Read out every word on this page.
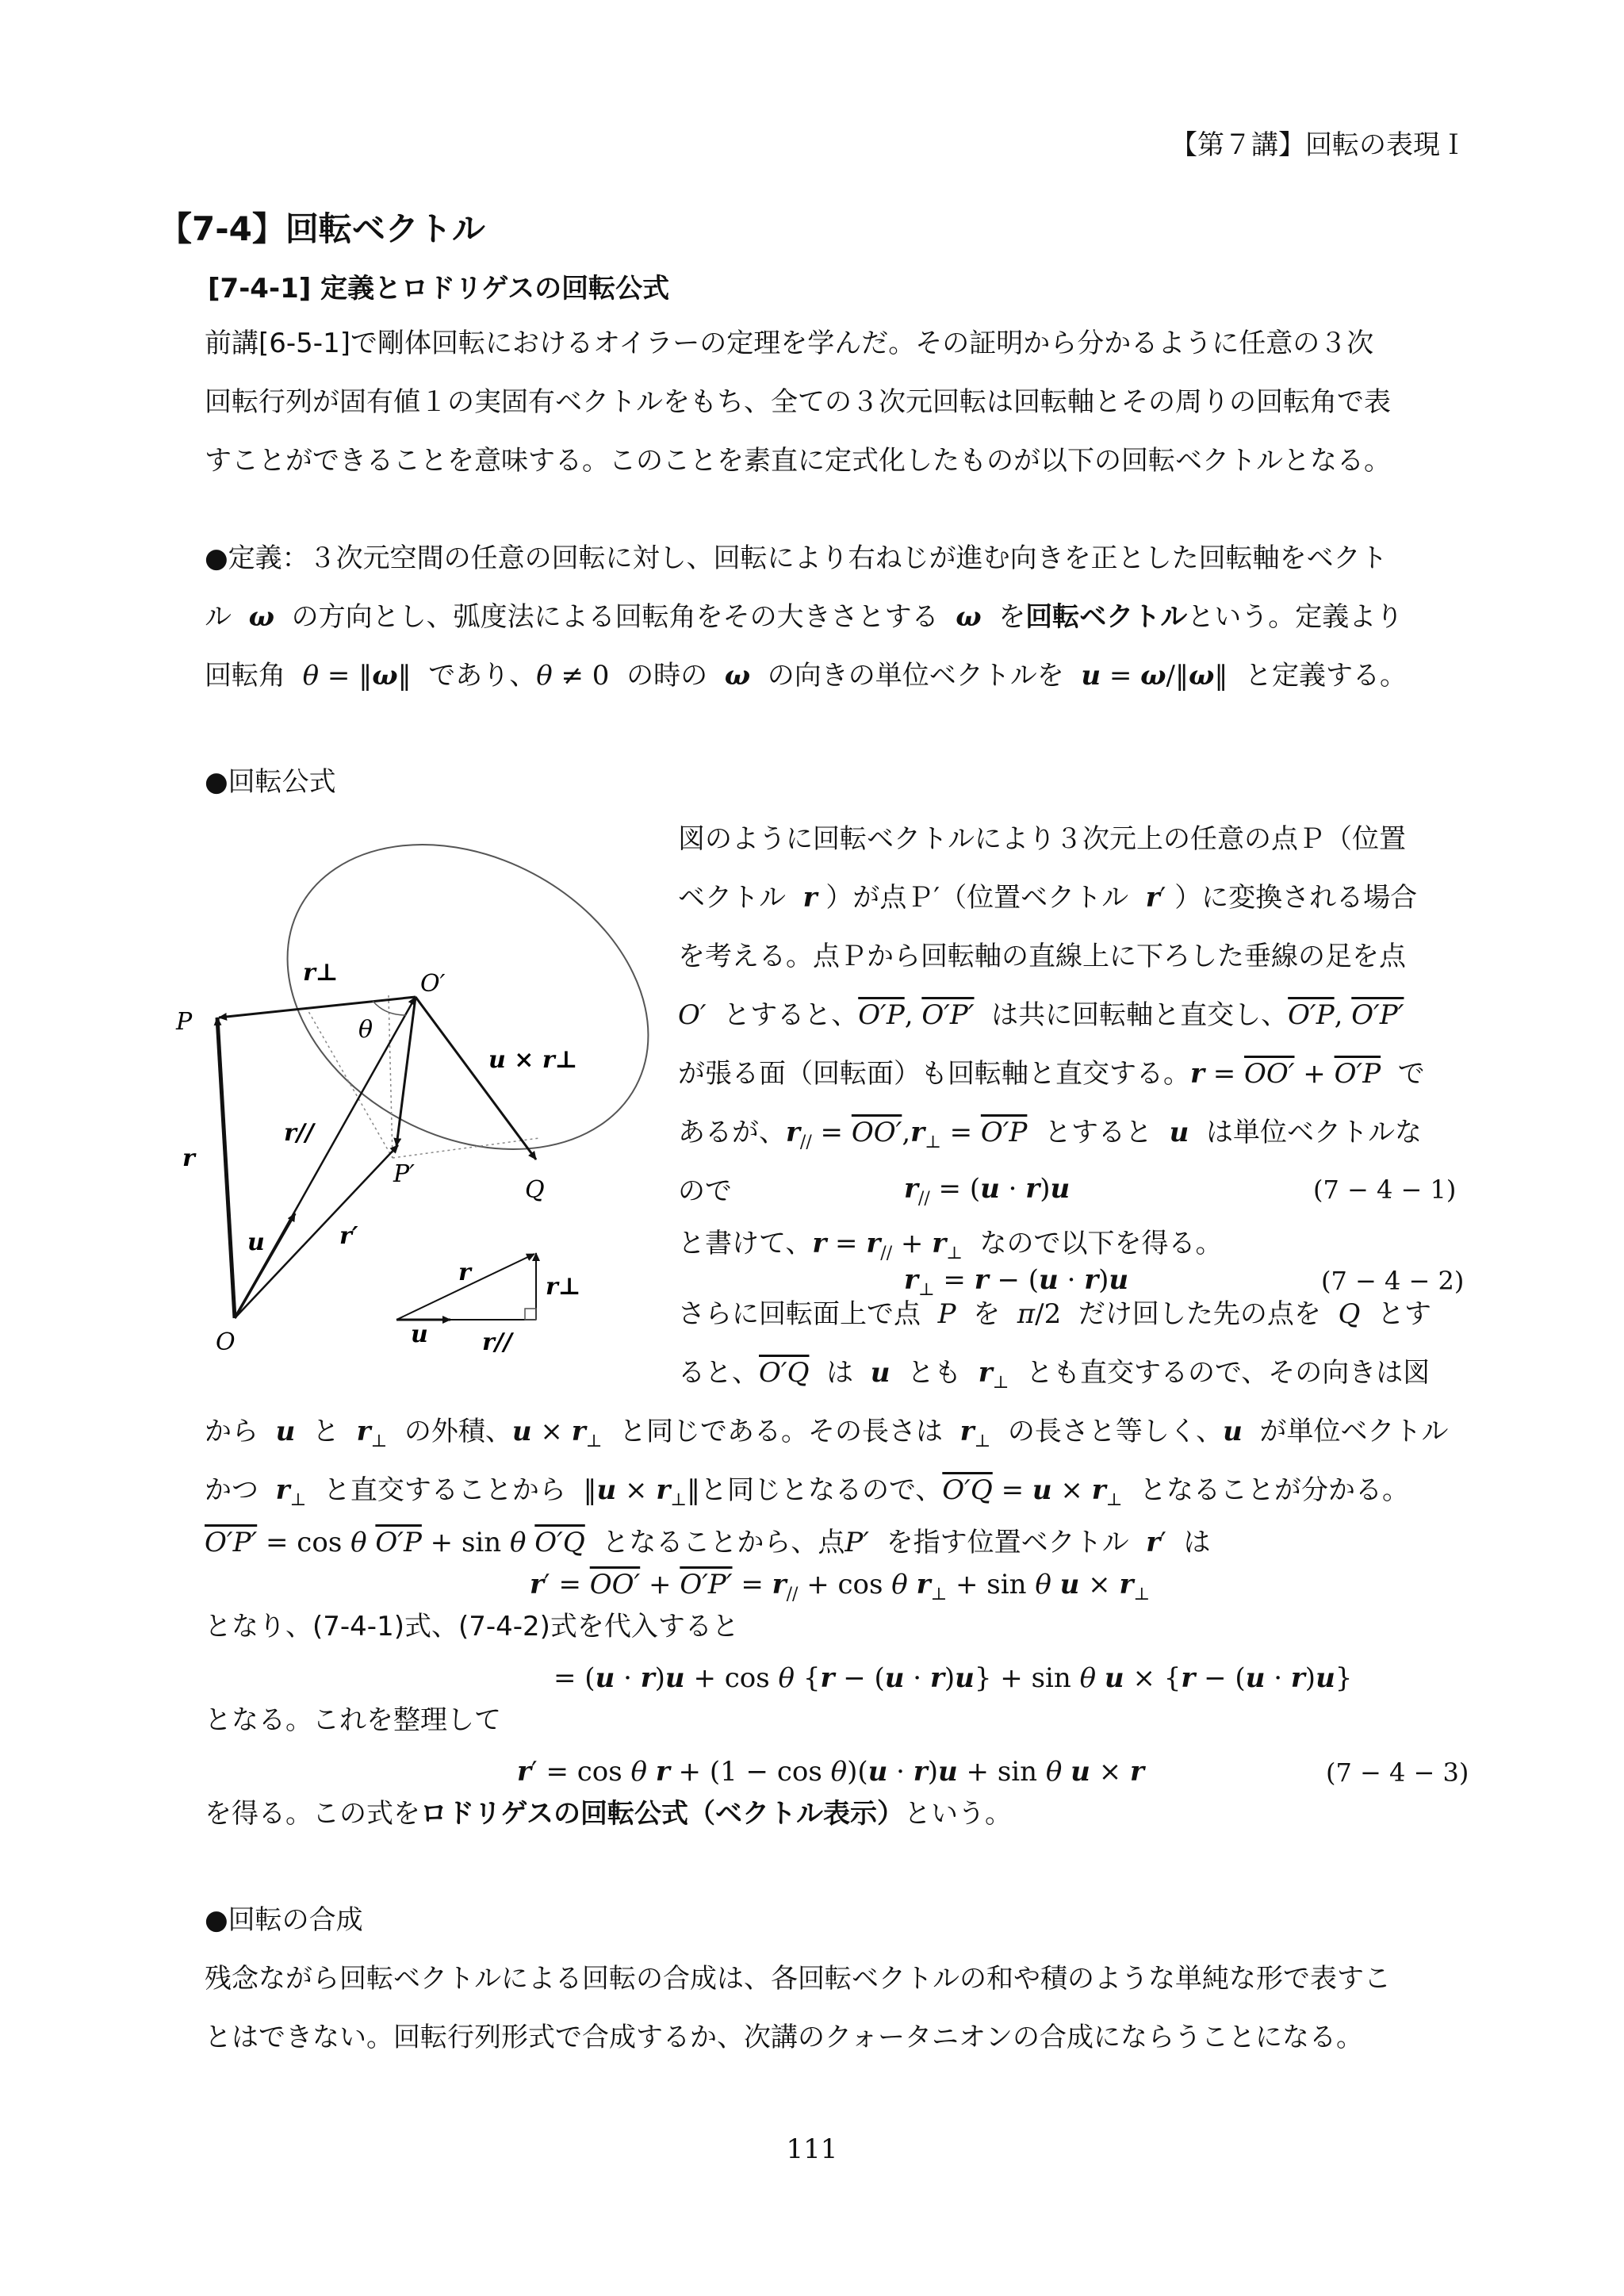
【第７講】回転の表現Ｉ
【7-4】回転ベクトル
[7-4-1] 定義とロドリゲスの回転公式
前講[6-5-1]で剛体回転におけるオイラーの定理を学んだ。その証明から分かるように任意の３次
回転行列が固有値１の実固有ベクトルをもち、全ての３次元回転は回転軸とその周りの回転角で表
すことができることを意味する。このことを素直に定式化したものが以下の回転ベクトルとなる。
●定義：３次元空間の任意の回転に対し、回転により右ねじが進む向きを正とした回転軸をベクト
ル ω の方向とし、弧度法による回転角をその大きさとする ω を回転ベクトルという。定義より
回転角 θ = ‖ω‖ であり、θ ≠ 0 の時の ω の向きの単位ベクトルを u = ω/‖ω‖ と定義する。
●回転公式
P
O′
θ
r⊥
u × r⊥
r
r//
P′
Q
u	r′
O
r
r⊥
u r//
図のように回転ベクトルにより３次元上の任意の点Ｐ（位置
ベクトル r ）が点Ｐ′（位置ベクトル r′ ）に変換される場合
を考える。点Ｐから回転軸の直線上に下ろした垂線の足を点
O′ とすると、O′P, O′P′ は共に回転軸と直交し、O′P, O′P′
が張る面（回転面）も回転軸と直交する。r = OO′ + O′P で
あるが、$r_{//} = OO',r_\perp = O'P$ とすると u は単位ベクトルな
ので	$r_{//} = (u \cdot r)u$	(7 − 4 − 1)
と書けて、$r = r_{//} + r_\perp$ なので以下を得る。
$r_\perp = r - (u \cdot r)u$	(7 − 4 − 2)
さらに回転面上で点 P を π/2 だけ回した先の点を Q とす
ると、O′Q は u とも $r_\perp$ とも直交するので、その向きは図
から u と $r_\perp$ の外積、$u \times r_\perp$ と同じである。その長さは $r_\perp$ の長さと等しく、u が単位ベクトル
かつ $r_\perp$ と直交することから ‖u × $r_\perp‖$と同じとなるので、$O'Q = u \times r_\perp$ となることが分かる。
O′P′ = cos θ O′P + sin θ O′Q となることから、点P′ を指す位置ベクトル r′ は
$r' = OO' + O'P' = r_{//} + \cos \theta$ $r_\perp + \sin \theta$ $u \times r_\perp$
となり、(7-4-1)式、(7-4-2)式を代入すると
= (u · r)u + cos θ {r − (u · r)u} + sin θ u × {r − (u · r)u}
となる。これを整理して
r′ = cos θ r + (1 − cos θ)(u · r)u + sin θ u × r	(7 − 4 − 3)
を得る。この式をロドリゲスの回転公式（ベクトル表示）という。
●回転の合成
残念ながら回転ベクトルによる回転の合成は、各回転ベクトルの和や積のような単純な形で表すこ
とはできない。回転行列形式で合成するか、次講のクォータニオンの合成にならうことになる。
111
